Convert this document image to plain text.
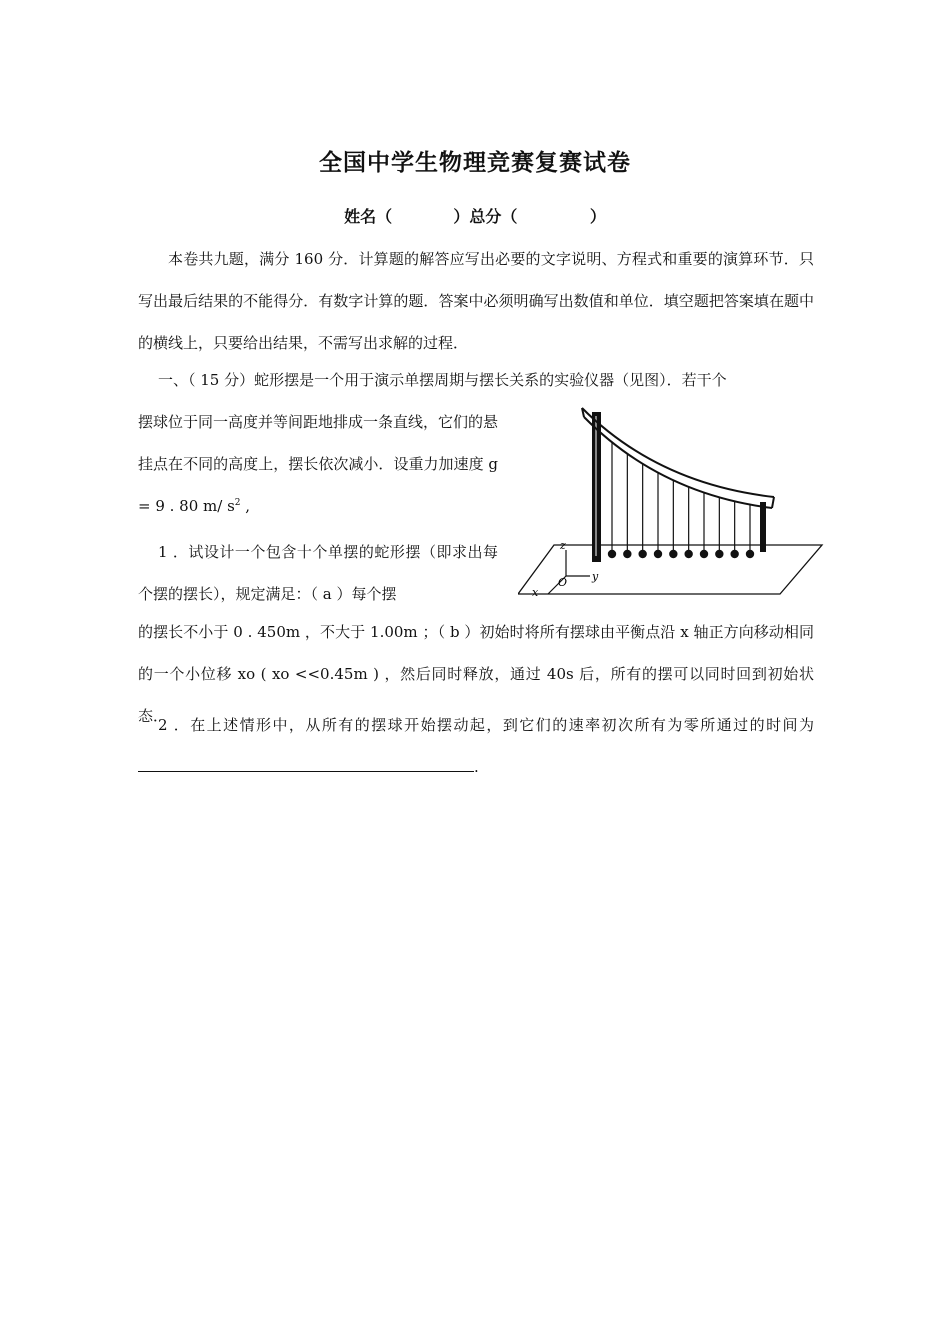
全国中学生物理竞赛复赛试卷
姓名（	）总分（	）
本卷共九题，满分 160 分．计算题的解答应写出必要的文字说明、方程式和重要的演算环节．只写出最后结果的不能得分．有数字计算的题．答案中必须明确写出数值和单位．填空题把答案填在题中的横线上，只要给出结果，不需写出求解的过程．
一、（ 15 分）蛇形摆是一个用于演示单摆周期与摆长关系的实验仪器（见图）．若干个
摆球位于同一高度并等间距地排成一条直线，它们的悬挂点在不同的高度上，摆长依次减小．设重力加速度 g = 9 . 80 m/ $s^2$ ,
1 ．试设计一个包含十个单摆的蛇形摆（即求出每个摆的摆长），规定满足：（ a ）每个摆
的摆长不小于 0 . 450m ，不大于 1.00m ；（ b ）初始时将所有摆球由平衡点沿 x 轴正方向移动相同的一个小位移 xo ( xo <<0.45m ) ，然后同时释放，通过 40s 后，所有的摆可以同时回到初始状态．
2 ．在上述情形中，从所有的摆球开始摆动起，到它们的速率初次所有为零所通过的时间为.
z
O y
x
